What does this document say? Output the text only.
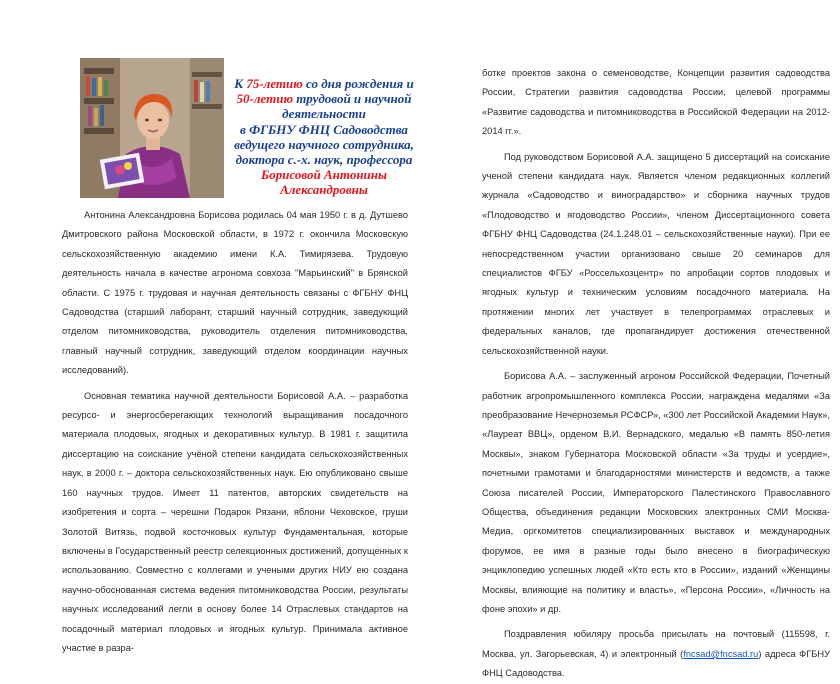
К 75-летию со дня рождения и
50-летию трудовой и научной
деятельности
в ФГБНУ ФНЦ Садоводства
ведущего научного сотрудника,
доктора с.-х. наук, профессора
Борисовой Антонины
Александровны

Антонина Александровна Борисова родилась 04 мая 1950 г. в д. Дутшево Дмитровского района Московской области, в 1972 г. окончила Московскую сельскохозяйственную академию имени К.А. Тимирязева. Трудовую деятельность начала в качестве агронома совхоза "Марьинский" в Брянской области. С 1975 г. трудовая и научная деятельность связаны с ФГБНУ ФНЦ Садоводства (старший лаборант, старший научный сотрудник, заведующий отделом питомниководства, руководитель отделения питомниководства, главный научный сотрудник, заведующий отделом координации научных исследований).

Основная тематика научной деятельности Борисовой А.А. – разработка ресурсо- и энергосберегающих технологий выращивания посадочного материала плодовых, ягодных и декоративных культур. В 1981 г. защитила диссертацию на соискание учёной степени кандидата сельскохозяйственных наук, в 2000 г. – доктора сельскохозяйственных наук. Ею опубликовано свыше 160 научных трудов. Имеет 11 патентов, авторских свидетельств на изобретения и сорта – черешни Подарок Рязани, яблони Чеховское, груши Золотой Витязь, подвой косточковых культур Фундаментальная, которые включены в Государственный реестр селекционных достижений, допущенных к использованию. Совместно с коллегами и учеными других НИУ ею создана научно-обоснованная система ведения питомниководства России, результаты научных исследований легли в основу более 14 Отраслевых стандартов на посадочный материал плодовых и ягодных культур. Принимала активное участие в разра-

ботке проектов закона о семеноводстве, Концепции развития садоводства России, Стратегии развития садоводства России, целевой программы «Развитие садоводства и питомниководства в Российской Федерации на 2012-2014 гг.».

Под руководством Борисовой А.А. защищено 5 диссертаций на соискание ученой степени кандидата наук. Является членом редакционных коллегий журнала «Садоводство и виноградарство» и сборника научных трудов «Плодоводство и ягодоводство России», членом Диссертационного совета ФГБНУ ФНЦ Садоводства (24.1.248.01 – сельскохозяйственные науки). При ее непосредственном участии организовано свыше 20 семинаров для специалистов ФГБУ «Россельхозцентр» по апробации сортов плодовых и ягодных культур и техническим условиям посадочного материала. На протяжении многих лет участвует в телепрограммах отраслевых и федеральных каналов, где пропагандирует достижения отечественной сельскохозяйственной науки.

Борисова А.А. – заслуженный агроном Российской Федерации, Почетный работник агропромышленного комплекса России, награждена медалями «За преобразование Нечерноземья РСФСР», «300 лет Российской Академии Наук», «Лауреат ВВЦ», орденом В.И. Вернадского, медалью «В память 850-летия Москвы», знаком Губернатора Московской области «За труды и усердие», почетными грамотами и благодарностями министерств и ведомств, а также Союза писателей России, Императорского Палестинского Православного Общества, объединения редакции Московских электронных СМИ Москва-Медиа, оргкомитетов специализированных выставок и международных форумов, ее имя в разные годы было внесено в биографическую энциклопедию успешных людей «Кто есть кто в России», изданий «Женщины Москвы, влияющие на политику и власть», «Персона России», «Личность на фоне эпохи» и др.

Поздравления юбиляру просьба присылать на почтовый (115598, г. Москва, ул. Загорьевская, 4) и электронный (fncsad@fncsad.ru) адреса ФГБНУ ФНЦ Садоводства.
